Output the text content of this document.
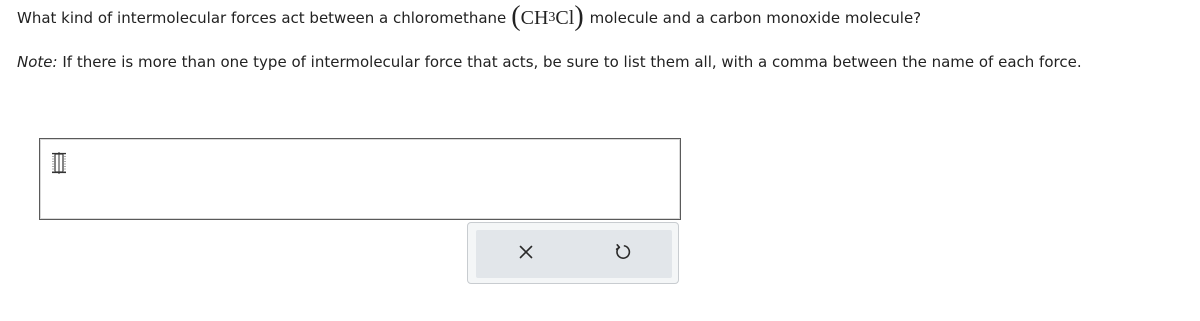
What kind of intermolecular forces act between a chloromethane ( CH 3 Cl ) molecule and a carbon monoxide molecule?
Note: If there is more than one type of intermolecular force that acts, be sure to list them all, with a comma between the name of each force.
